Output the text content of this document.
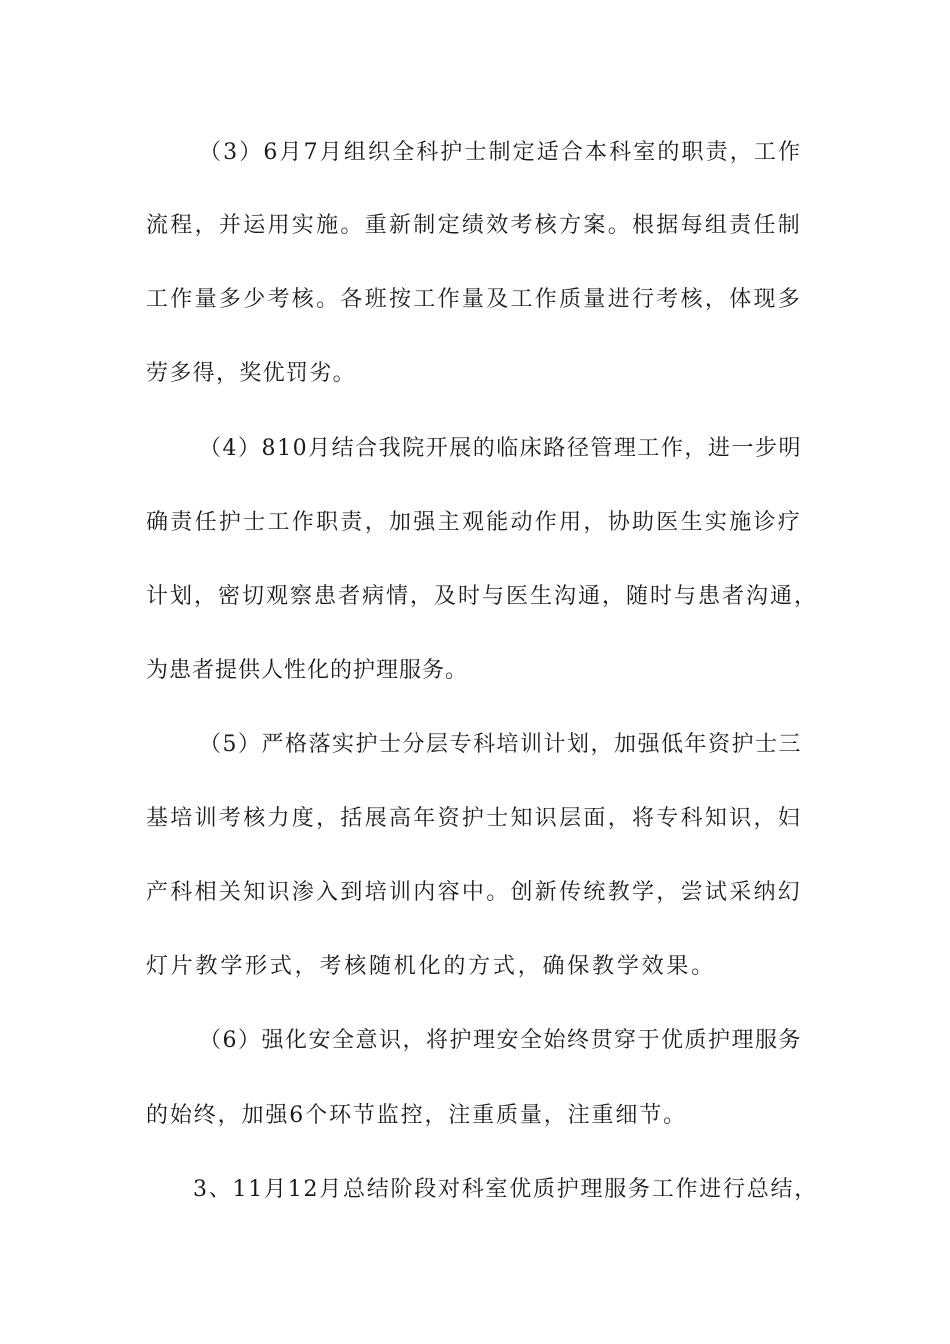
（3）6月7月组织全科护士制定适合本科室的职责，工作
流程，并运用实施。重新制定绩效考核方案。根据每组责任制
工作量多少考核。各班按工作量及工作质量进行考核，体现多
劳多得，奖优罚劣。
（4）810月结合我院开展的临床路径管理工作，进一步明
确责任护士工作职责，加强主观能动作用，协助医生实施诊疗
计划，密切观察患者病情，及时与医生沟通，随时与患者沟通，
为患者提供人性化的护理服务。
（5）严格落实护士分层专科培训计划，加强低年资护士三
基培训考核力度，括展高年资护士知识层面，将专科知识，妇
产科相关知识渗入到培训内容中。创新传统教学，尝试采纳幻
灯片教学形式，考核随机化的方式，确保教学效果。
（6）强化安全意识，将护理安全始终贯穿于优质护理服务
的始终，加强6个环节监控，注重质量，注重细节。
3、11月12月总结阶段对科室优质护理服务工作进行总结，
